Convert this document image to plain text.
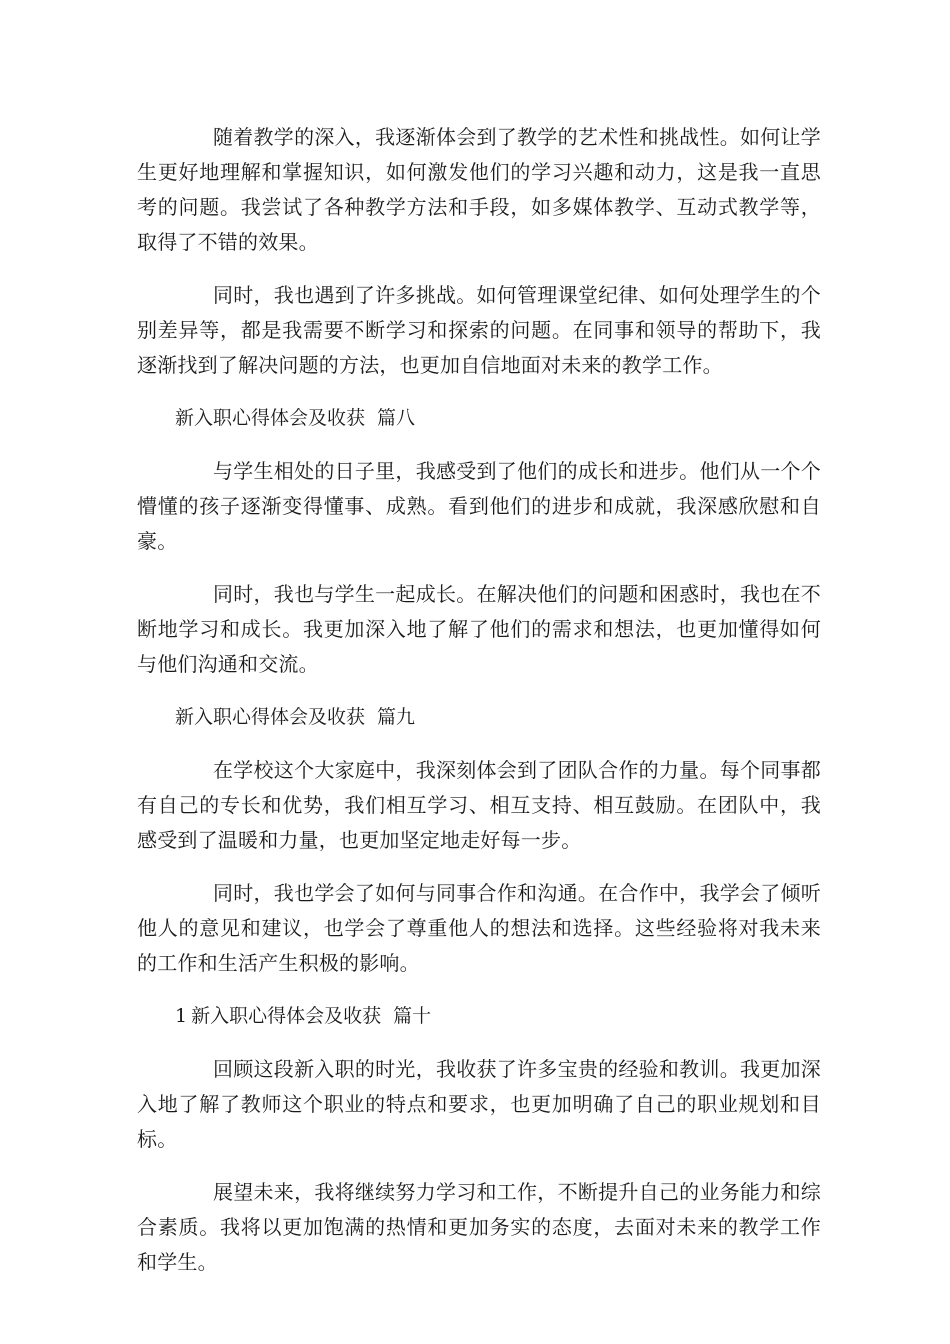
随着教学的深入，我逐渐体会到了教学的艺术性和挑战性。如何让学生更好地理解和掌握知识，如何激发他们的学习兴趣和动力，这是我一直思考的问题。我尝试了各种教学方法和手段，如多媒体教学、互动式教学等，取得了不错的效果。

同时，我也遇到了许多挑战。如何管理课堂纪律、如何处理学生的个别差异等，都是我需要不断学习和探索的问题。在同事和领导的帮助下，我逐渐找到了解决问题的方法，也更加自信地面对未来的教学工作。

新入职心得体会及收获 篇八

与学生相处的日子里，我感受到了他们的成长和进步。他们从一个个懵懂的孩子逐渐变得懂事、成熟。看到他们的进步和成就，我深感欣慰和自豪。

同时，我也与学生一起成长。在解决他们的问题和困惑时，我也在不断地学习和成长。我更加深入地了解了他们的需求和想法，也更加懂得如何与他们沟通和交流。

新入职心得体会及收获 篇九

在学校这个大家庭中，我深刻体会到了团队合作的力量。每个同事都有自己的专长和优势，我们相互学习、相互支持、相互鼓励。在团队中，我感受到了温暖和力量，也更加坚定地走好每一步。

同时，我也学会了如何与同事合作和沟通。在合作中，我学会了倾听他人的意见和建议，也学会了尊重他人的想法和选择。这些经验将对我未来的工作和生活产生积极的影响。

1 新入职心得体会及收获 篇十

回顾这段新入职的时光，我收获了许多宝贵的经验和教训。我更加深入地了解了教师这个职业的特点和要求，也更加明确了自己的职业规划和目标。

展望未来，我将继续努力学习和工作，不断提升自己的业务能力和综合素质。我将以更加饱满的热情和更加务实的态度，去面对未来的教学工作和学生。
